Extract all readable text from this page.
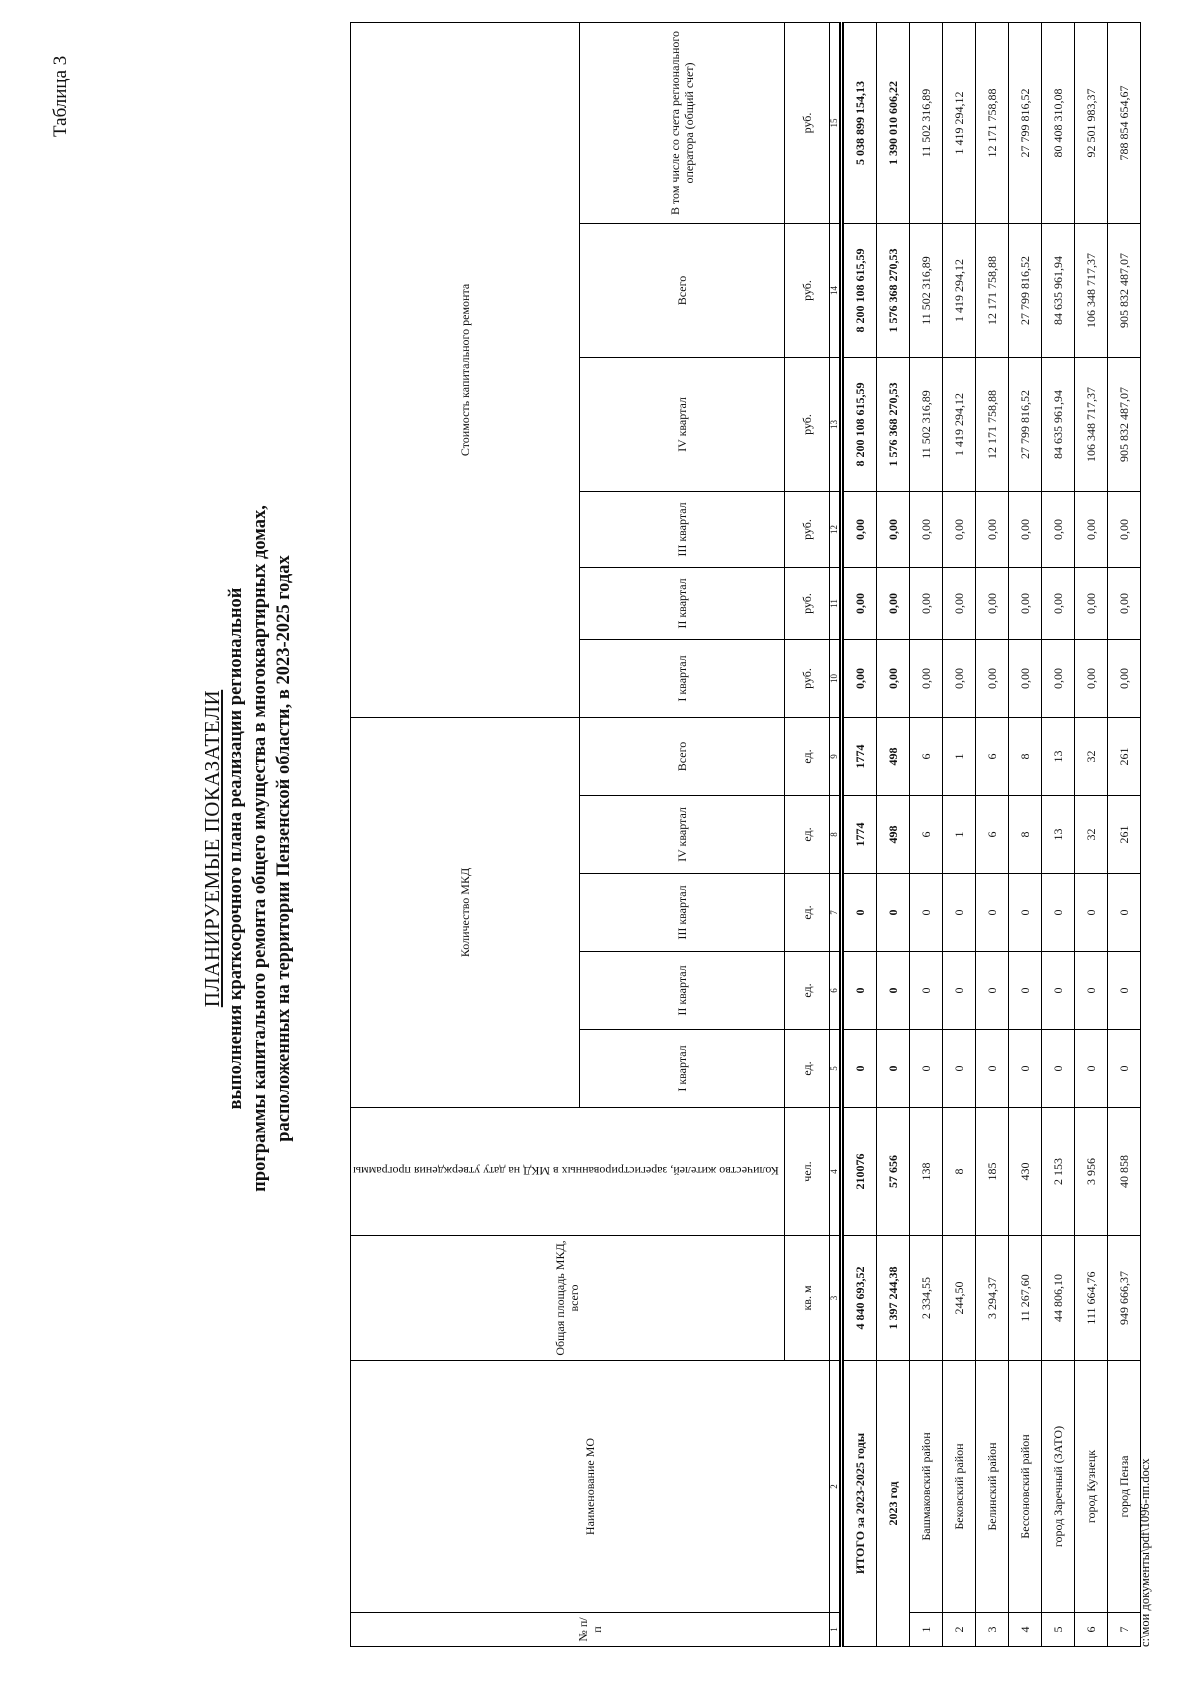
Таблица 3
ПЛАНИРУЕМЫЕ ПОКАЗАТЕЛИ выполнения краткосрочного плана реализации региональной программы капитального ремонта общего имущества в многоквартирных домах, расположенных на территории Пензенской области, в 2023-2025 годах
№ п/п	Наименование МО	Общая площадь МКД, всего	Количество жителей, зарегистрированных в МКД на дату утверждения программы	Количество МКД					Стоимость капитального ремонта					
				I квартал	II квартал	III квартал	IV квартал	Всего	I квартал	II квартал	III квартал	IV квартал	Всего	В том числе со счета регионального оператора (общий счет)
		кв. м	чел.	ед.	ед.	ед.	ед.	ед.	руб.	руб.	руб.	руб.	руб.	руб.
1	2	3	4	5	6	7	8	9	10	11	12	13	14	15
ИТОГО за 2023-2025 годы		4 840 693,52	210076	0	0	0	1774	1774	0,00	0,00	0,00	8 200 108 615,59	8 200 108 615,59	5 038 899 154,13
2023 год		1 397 244,38	57 656	0	0	0	498	498	0,00	0,00	0,00	1 576 368 270,53	1 576 368 270,53	1 390 010 606,22
1	Башмаковский район	2 334,55	138	0	0	0	6	6	0,00	0,00	0,00	11 502 316,89	11 502 316,89	11 502 316,89
2	Бековский район	244,50	8	0	0	0	1	1	0,00	0,00	0,00	1 419 294,12	1 419 294,12	1 419 294,12
3	Белинский район	3 294,37	185	0	0	0	6	6	0,00	0,00	0,00	12 171 758,88	12 171 758,88	12 171 758,88
4	Бессоновский район	11 267,60	430	0	0	0	8	8	0,00	0,00	0,00	27 799 816,52	27 799 816,52	27 799 816,52
5	город Заречный (ЗАТО)	44 806,10	2 153	0	0	0	13	13	0,00	0,00	0,00	84 635 961,94	84 635 961,94	80 408 310,08
6	город Кузнецк	111 664,76	3 956	0	0	0	32	32	0,00	0,00	0,00	106 348 717,37	106 348 717,37	92 501 983,37
7	город Пенза	949 666,37	40 858	0	0	0	261	261	0,00	0,00	0,00	905 832 487,07	905 832 487,07	788 854 654,67
c:\мои документы\pdf\1096-пп.docx
